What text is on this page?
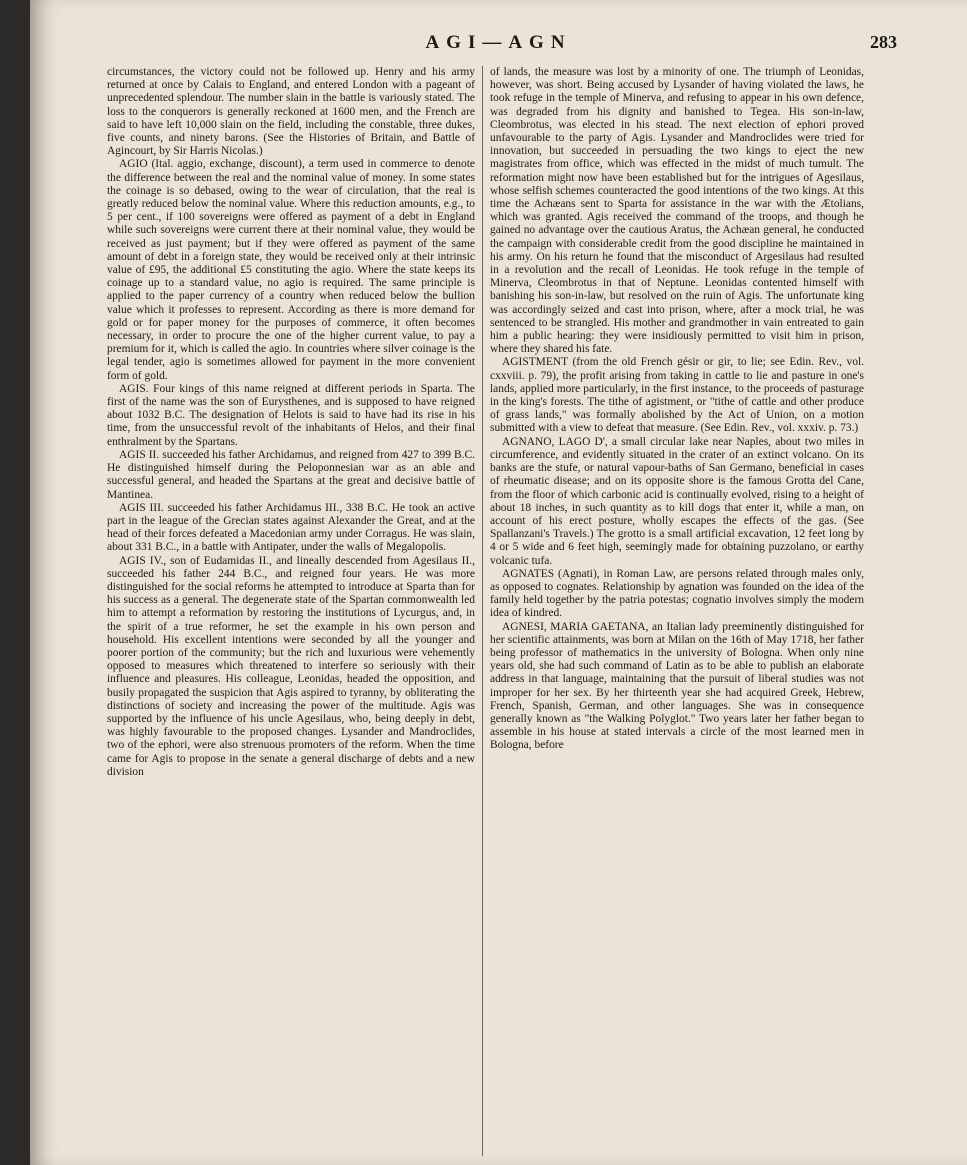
AGI—AGN	283

circumstances, the victory could not be followed up. Henry and his army returned at once by Calais to England, and entered London with a pageant of unprecedented splendour. The number slain in the battle is variously stated. The loss to the conquerors is generally reckoned at 1600 men, and the French are said to have left 10,000 slain on the field, including the constable, three dukes, five counts, and ninety barons. (See the Histories of Britain, and Battle of Agincourt, by Sir Harris Nicolas.)

AGIO (Ital. aggio, exchange, discount), a term used in commerce to denote the difference between the real and the nominal value of money. In some states the coinage is so debased, owing to the wear of circulation, that the real is greatly reduced below the nominal value. Where this reduction amounts, e.g., to 5 per cent., if 100 sovereigns were offered as payment of a debt in England while such sovereigns were current there at their nominal value, they would be received as just payment; but if they were offered as payment of the same amount of debt in a foreign state, they would be received only at their intrinsic value of £95, the additional £5 constituting the agio. Where the state keeps its coinage up to a standard value, no agio is required. The same principle is applied to the paper currency of a country when reduced below the bullion value which it professes to represent. According as there is more demand for gold or for paper money for the purposes of commerce, it often becomes necessary, in order to procure the one of the higher current value, to pay a premium for it, which is called the agio. In countries where silver coinage is the legal tender, agio is sometimes allowed for payment in the more convenient form of gold.

AGIS. Four kings of this name reigned at different periods in Sparta. The first of the name was the son of Eurysthenes, and is supposed to have reigned about 1032 B.C. The designation of Helots is said to have had its rise in his time, from the unsuccessful revolt of the inhabitants of Helos, and their final enthralment by the Spartans.

AGIS II. succeeded his father Archidamus, and reigned from 427 to 399 B.C. He distinguished himself during the Peloponnesian war as an able and successful general, and headed the Spartans at the great and decisive battle of Mantinea.

AGIS III. succeeded his father Archidamus III., 338 B.C. He took an active part in the league of the Grecian states against Alexander the Great, and at the head of their forces defeated a Macedonian army under Corragus. He was slain, about 331 B.C., in a battle with Antipater, under the walls of Megalopolis.

AGIS IV., son of Eudamidas II., and lineally descended from Agesilaus II., succeeded his father 244 B.C., and reigned four years. He was more distinguished for the social reforms he attempted to introduce at Sparta than for his success as a general. The degenerate state of the Spartan commonwealth led him to attempt a reformation by restoring the institutions of Lycurgus, and, in the spirit of a true reformer, he set the example in his own person and household. His excellent intentions were seconded by all the younger and poorer portion of the community; but the rich and luxurious were vehemently opposed to measures which threatened to interfere so seriously with their influence and pleasures. His colleague, Leonidas, headed the opposition, and busily propagated the suspicion that Agis aspired to tyranny, by obliterating the distinctions of society and increasing the power of the multitude. Agis was supported by the influence of his uncle Agesilaus, who, being deeply in debt, was highly favourable to the proposed changes. Lysander and Mandroclides, two of the ephori, were also strenuous promoters of the reform. When the time came for Agis to propose in the senate a general discharge of debts and a new division

of lands, the measure was lost by a minority of one. The triumph of Leonidas, however, was short. Being accused by Lysander of having violated the laws, he took refuge in the temple of Minerva, and refusing to appear in his own defence, was degraded from his dignity and banished to Tegea. His son-in-law, Cleombrotus, was elected in his stead. The next election of ephori proved unfavourable to the party of Agis. Lysander and Mandroclides were tried for innovation, but succeeded in persuading the two kings to eject the new magistrates from office, which was effected in the midst of much tumult. The reformation might now have been established but for the intrigues of Agesilaus, whose selfish schemes counteracted the good intentions of the two kings. At this time the Achæans sent to Sparta for assistance in the war with the Ætolians, which was granted. Agis received the command of the troops, and though he gained no advantage over the cautious Aratus, the Achæan general, he conducted the campaign with considerable credit from the good discipline he maintained in his army. On his return he found that the misconduct of Argesilaus had resulted in a revolution and the recall of Leonidas. He took refuge in the temple of Minerva, Cleombrotus in that of Neptune. Leonidas contented himself with banishing his son-in-law, but resolved on the ruin of Agis. The unfortunate king was accordingly seized and cast into prison, where, after a mock trial, he was sentenced to be strangled. His mother and grandmother in vain entreated to gain him a public hearing: they were insidiously permitted to visit him in prison, where they shared his fate.

AGISTMENT (from the old French gésir or gir, to lie; see Edin. Rev., vol. cxxviii. p. 79), the profit arising from taking in cattle to lie and pasture in one's lands, applied more particularly, in the first instance, to the proceeds of pasturage in the king's forests. The tithe of agistment, or "tithe of cattle and other produce of grass lands," was formally abolished by the Act of Union, on a motion submitted with a view to defeat that measure. (See Edin. Rev., vol. xxxiv. p. 73.)

AGNANO, LAGO D', a small circular lake near Naples, about two miles in circumference, and evidently situated in the crater of an extinct volcano. On its banks are the stufe, or natural vapour-baths of San Germano, beneficial in cases of rheumatic disease; and on its opposite shore is the famous Grotta del Cane, from the floor of which carbonic acid is continually evolved, rising to a height of about 18 inches, in such quantity as to kill dogs that enter it, while a man, on account of his erect posture, wholly escapes the effects of the gas. (See Spallanzani's Travels.) The grotto is a small artificial excavation, 12 feet long by 4 or 5 wide and 6 feet high, seemingly made for obtaining puzzolano, or earthy volcanic tufa.

AGNATES (Agnati), in Roman Law, are persons related through males only, as opposed to cognates. Relationship by agnation was founded on the idea of the family held together by the patria potestas; cognatio involves simply the modern idea of kindred.

AGNESI, MARIA GAETANA, an Italian lady preeminently distinguished for her scientific attainments, was born at Milan on the 16th of May 1718, her father being professor of mathematics in the university of Bologna. When only nine years old, she had such command of Latin as to be able to publish an elaborate address in that language, maintaining that the pursuit of liberal studies was not improper for her sex. By her thirteenth year she had acquired Greek, Hebrew, French, Spanish, German, and other languages. She was in consequence generally known as "the Walking Polyglot." Two years later her father began to assemble in his house at stated intervals a circle of the most learned men in Bologna, before
